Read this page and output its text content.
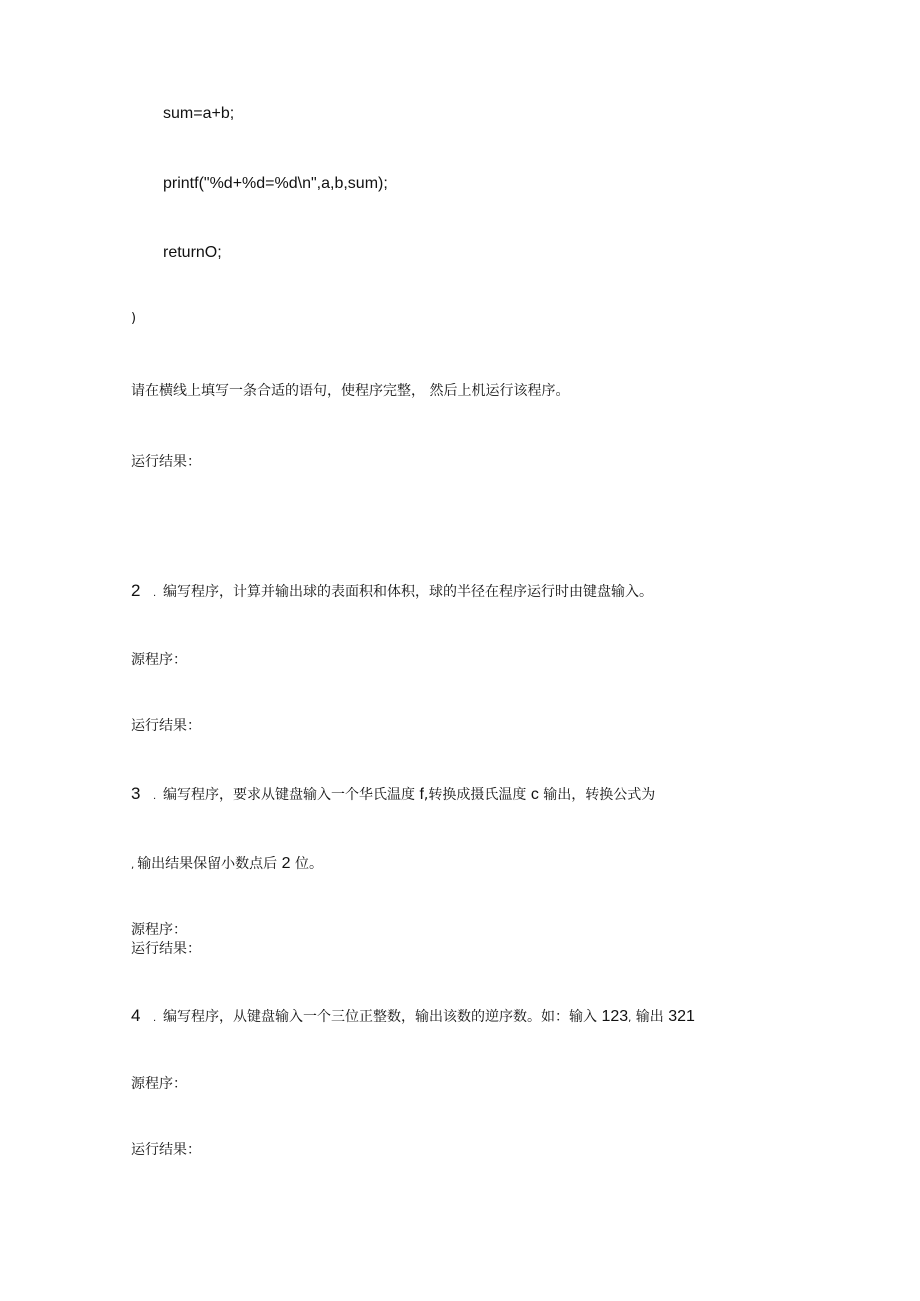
sum=a+b;
printf("%d+%d=%d\n",a,b,sum);
returnO;
)
请在横线上填写一条合适的语句，使程序完整， 然后上机运行该程序。
运行结果：
2 . 编写程序，计算并输出球的表面积和体积，球的半径在程序运行时由键盘输入。
源程序：
运行结果：
3 . 编写程序，要求从键盘输入一个华氏温度 f,转换成摄氏温度 c 输出，转换公式为
, 输出结果保留小数点后 2 位。
源程序：
运行结果：
4 . 编写程序，从键盘输入一个三位正整数，输出该数的逆序数。如：输入 123, 输出 321
源程序：
运行结果：
